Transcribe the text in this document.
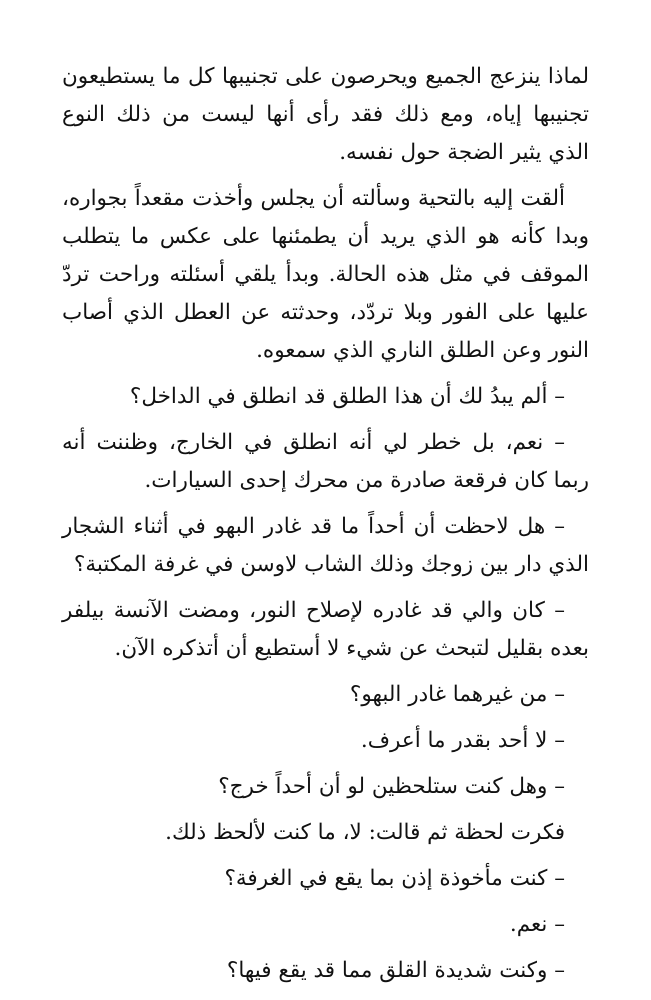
لماذا ينزعج الجميع ويحرصون على تجنيبها كل ما يستطيعون تجنيبها إياه، ومع ذلك فقد رأى أنها ليست من ذلك النوع الذي يثير الضجة حول نفسه.

ألقت إليه بالتحية وسألته أن يجلس وأخذت مقعداً بجواره، وبدا كأنه هو الذي يريد أن يطمئنها على عكس ما يتطلب الموقف في مثل هذه الحالة. وبدأ يلقي أسئلته وراحت تردّ عليها على الفور وبلا تردّد، وحدثته عن العطل الذي أصاب النور وعن الطلق الناري الذي سمعوه.

– ألم يبدُ لك أن هذا الطلق قد انطلق في الداخل؟

– نعم، بل خطر لي أنه انطلق في الخارج، وظننت أنه ربما كان فرقعة صادرة من محرك إحدى السيارات.

– هل لاحظت أن أحداً ما قد غادر البهو في أثناء الشجار الذي دار بين زوجك وذلك الشاب لاوسن في غرفة المكتبة؟

– كان والي قد غادره لإصلاح النور، ومضت الآنسة بيلفر بعده بقليل لتبحث عن شيء لا أستطيع أن أتذكره الآن.

– من غيرهما غادر البهو؟

– لا أحد بقدر ما أعرف.

– وهل كنت ستلحظين لو أن أحداً خرج؟

فكرت لحظة ثم قالت: لا، ما كنت لألحظ ذلك.

– كنت مأخوذة إذن بما يقع في الغرفة؟

– نعم.

– وكنت شديدة القلق مما قد يقع فيها؟
